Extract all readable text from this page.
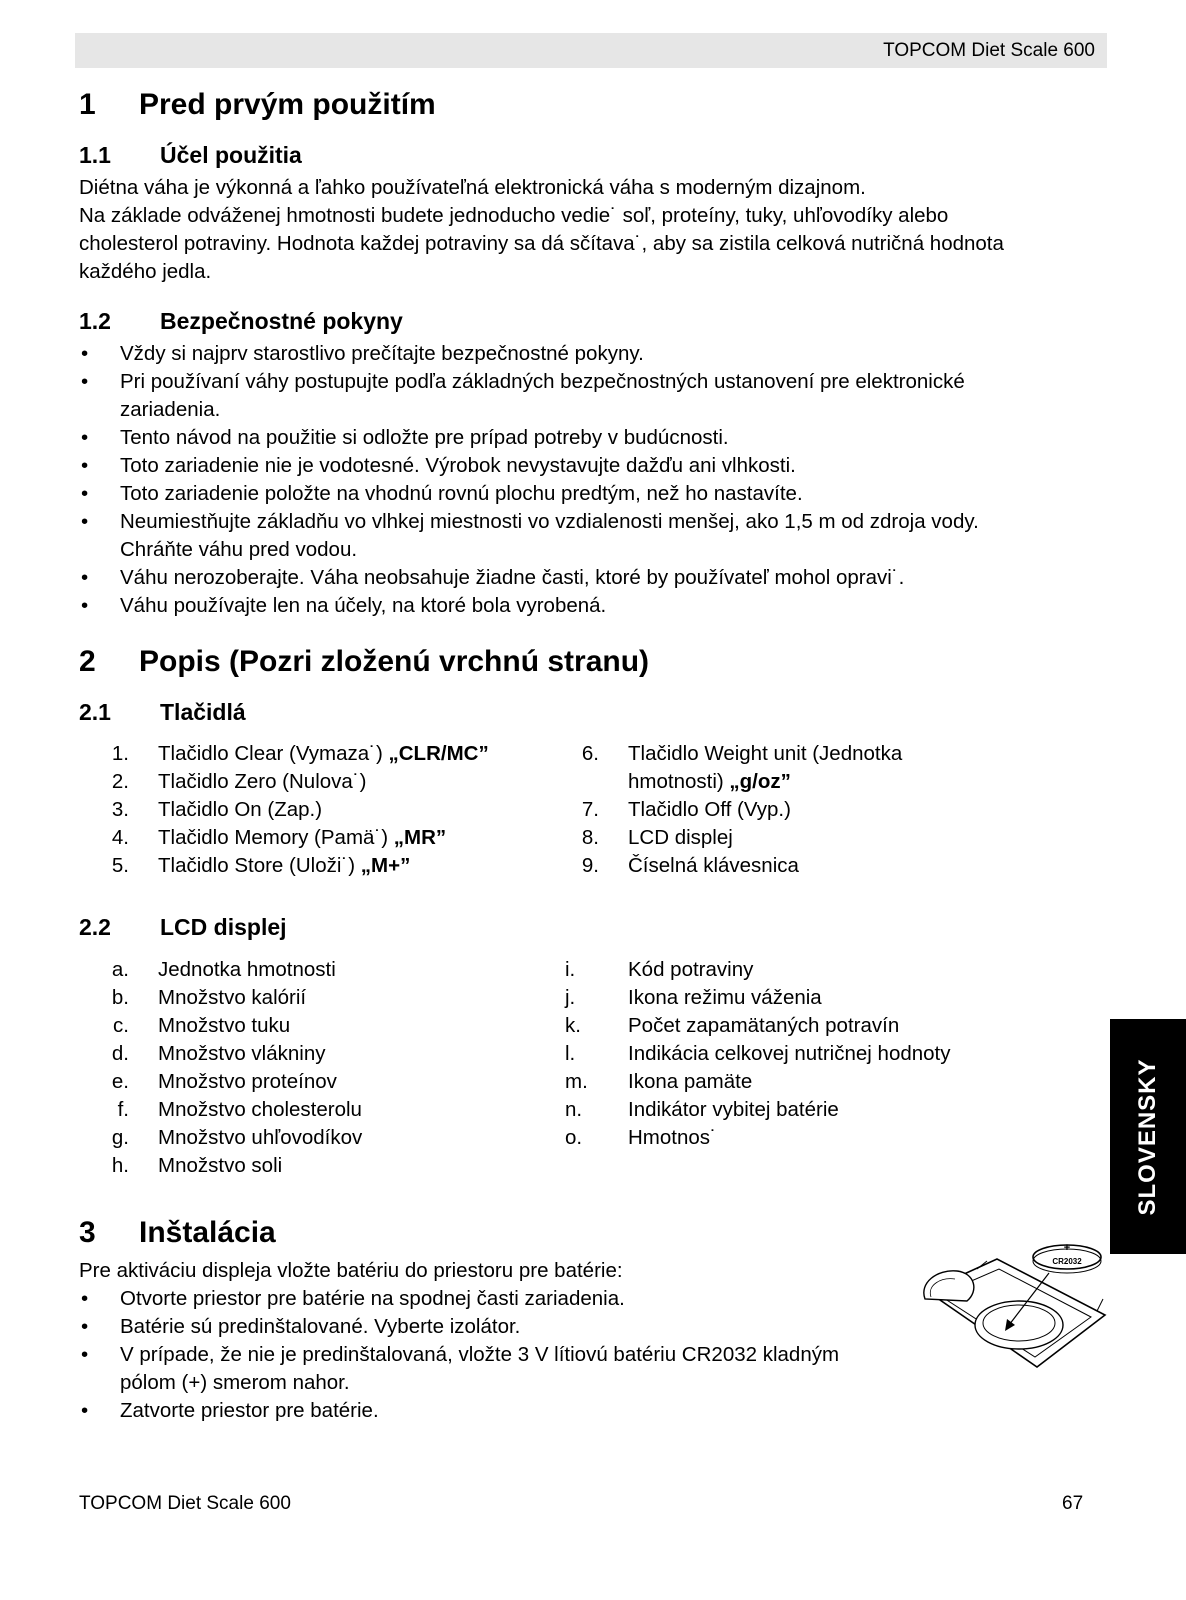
TOPCOM Diet Scale 600
1 Pred prvým použitím
1.1 Účel použitia
Diétna váha je výkonná a ľahko používateľná elektronická váha s moderným dizajnom.
Na základe odváženej hmotnosti budete jednoducho vedie˙ soľ, proteíny, tuky, uhľovodíky alebo
cholesterol potraviny. Hodnota každej potraviny sa dá sčítava˙, aby sa zistila celková nutričná hodnota
každého jedla.
1.2 Bezpečnostné pokyny
• Vždy si najprv starostlivo prečítajte bezpečnostné pokyny.
• Pri používaní váhy postupujte podľa základných bezpečnostných ustanovení pre elektronické
zariadenia.
• Tento návod na použitie si odložte pre prípad potreby v budúcnosti.
• Toto zariadenie nie je vodotesné. Výrobok nevystavujte dažďu ani vlhkosti.
• Toto zariadenie položte na vhodnú rovnú plochu predtým, než ho nastavíte.
• Neumiestňujte základňu vo vlhkej miestnosti vo vzdialenosti menšej, ako 1,5 m od zdroja vody.
Chráňte váhu pred vodou.
• Váhu nerozoberajte. Váha neobsahuje žiadne časti, ktoré by používateľ mohol opravi˙.
• Váhu používajte len na účely, na ktoré bola vyrobená.
2 Popis (Pozri zloženú vrchnú stranu)
2.1 Tlačidlá
1. Tlačidlo Clear (Vymaza˙) „CLR/MC”
2. Tlačidlo Zero (Nulova˙)
3. Tlačidlo On (Zap.)
4. Tlačidlo Memory (Pamä˙) „MR”
5. Tlačidlo Store (Uloži˙) „M+”
6. Tlačidlo Weight unit (Jednotka
hmotnosti) „g/oz”
7. Tlačidlo Off (Vyp.)
8. LCD displej
9. Číselná klávesnica
2.2 LCD displej
a. Jednotka hmotnosti
b. Množstvo kalórií
c. Množstvo tuku
d. Množstvo vlákniny
e. Množstvo proteínov
f. Množstvo cholesterolu
g. Množstvo uhľovodíkov
h. Množstvo soli
i.	Kód potraviny
j.	Ikona režimu váženia
k. Počet zapamätaných potravín
l.	Indikácia celkovej nutričnej hodnoty
m. Ikona pamäte
n. Indikátor vybitej batérie
o. Hmotnos˙
3 Inštalácia
Pre aktiváciu displeja vložte batériu do priestoru pre batérie:
• Otvorte priestor pre batérie na spodnej časti zariadenia.
• Batérie sú predinštalované. Vyberte izolátor.
• V prípade, že nie je predinštalovaná, vložte 3 V lítiovú batériu CR2032 kladným
pólom (+) smerom nahor.
• Zatvorte priestor pre batérie.
+
CR2032
SLOVENSKY
TOPCOM Diet Scale 600	67
